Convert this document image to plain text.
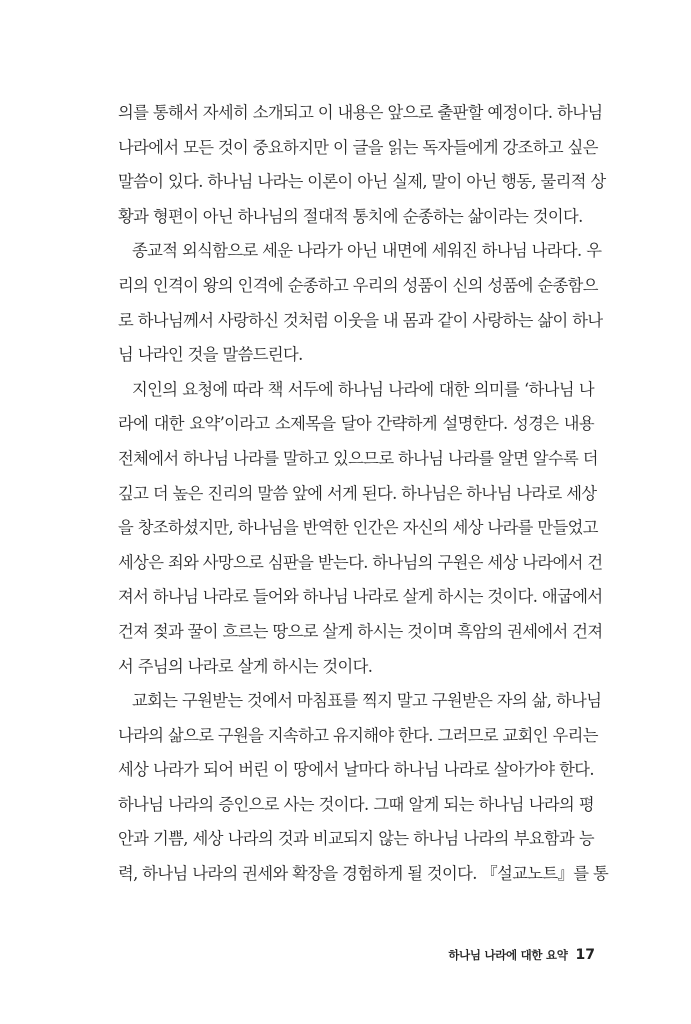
의를 통해서 자세히 소개되고 이 내용은 앞으로 출판할 예정이다. 하나님
나라에서 모든 것이 중요하지만 이 글을 읽는 독자들에게 강조하고 싶은
말씀이 있다. 하나님 나라는 이론이 아닌 실제, 말이 아닌 행동, 물리적 상
황과 형편이 아닌 하나님의 절대적 통치에 순종하는 삶이라는 것이다.
종교적 외식함으로 세운 나라가 아닌 내면에 세워진 하나님 나라다. 우
리의 인격이 왕의 인격에 순종하고 우리의 성품이 신의 성품에 순종함으
로 하나님께서 사랑하신 것처럼 이웃을 내 몸과 같이 사랑하는 삶이 하나
님 나라인 것을 말씀드린다.
지인의 요청에 따라 책 서두에 하나님 나라에 대한 의미를 ‘하나님 나
라에 대한 요약’이라고 소제목을 달아 간략하게 설명한다. 성경은 내용
전체에서 하나님 나라를 말하고 있으므로 하나님 나라를 알면 알수록 더
깊고 더 높은 진리의 말씀 앞에 서게 된다. 하나님은 하나님 나라로 세상
을 창조하셨지만, 하나님을 반역한 인간은 자신의 세상 나라를 만들었고
세상은 죄와 사망으로 심판을 받는다. 하나님의 구원은 세상 나라에서 건
져서 하나님 나라로 들어와 하나님 나라로 살게 하시는 것이다. 애굽에서
건져 젖과 꿀이 흐르는 땅으로 살게 하시는 것이며 흑암의 권세에서 건져
서 주님의 나라로 살게 하시는 것이다.
교회는 구원받는 것에서 마침표를 찍지 말고 구원받은 자의 삶, 하나님
나라의 삶으로 구원을 지속하고 유지해야 한다. 그러므로 교회인 우리는
세상 나라가 되어 버린 이 땅에서 날마다 하나님 나라로 살아가야 한다.
하나님 나라의 증인으로 사는 것이다. 그때 알게 되는 하나님 나라의 평
안과 기쁨, 세상 나라의 것과 비교되지 않는 하나님 나라의 부요함과 능
력, 하나님 나라의 권세와 확장을 경험하게 될 것이다. 『설교노트』를 통
하나님 나라에 대한 요약 17
